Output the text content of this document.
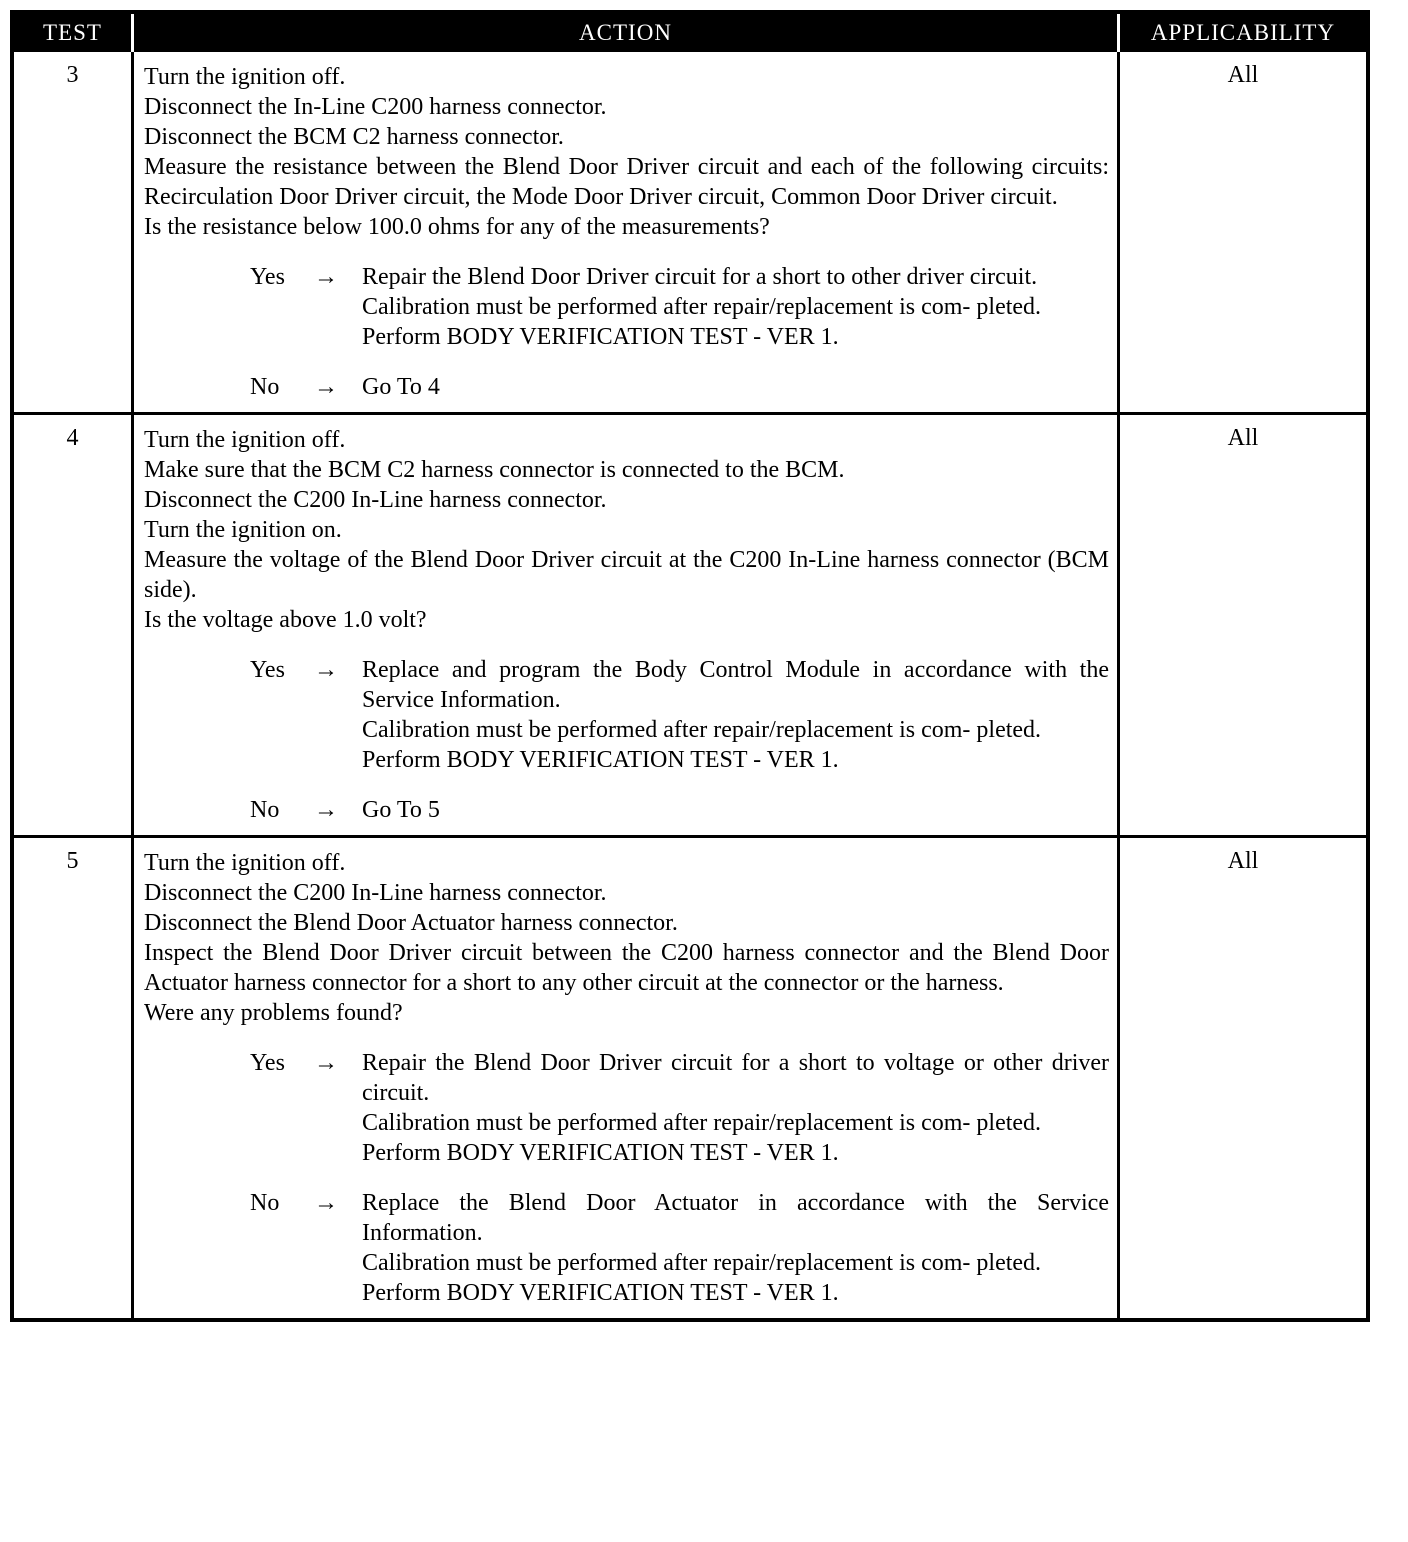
TEST	ACTION	APPLICABILITY
3	Turn the ignition off.
Disconnect the In-Line C200 harness connector.
Disconnect the BCM C2 harness connector.
Measure the resistance between the Blend Door Driver circuit and each of the following circuits: Recirculation Door Driver circuit, the Mode Door Driver circuit, Common Door Driver circuit.
Is the resistance below 100.0 ohms for any of the measurements?
Yes	→	Repair the Blend Door Driver circuit for a short to other driver circuit.
Calibration must be performed after repair/replacement is com- pleted.
Perform BODY VERIFICATION TEST - VER 1.
No	→	Go To 4
All
4	Turn the ignition off.
Make sure that the BCM C2 harness connector is connected to the BCM.
Disconnect the C200 In-Line harness connector.
Turn the ignition on.
Measure the voltage of the Blend Door Driver circuit at the C200 In-Line harness connector (BCM side).
Is the voltage above 1.0 volt?
Yes	→	Replace and program the Body Control Module in accordance with the Service Information.
Calibration must be performed after repair/replacement is com- pleted.
Perform BODY VERIFICATION TEST - VER 1.
No	→	Go To 5
All
5	Turn the ignition off.
Disconnect the C200 In-Line harness connector.
Disconnect the Blend Door Actuator harness connector.
Inspect the Blend Door Driver circuit between the C200 harness connector and the Blend Door Actuator harness connector for a short to any other circuit at the connector or the harness.
Were any problems found?
Yes	→	Repair the Blend Door Driver circuit for a short to voltage or other driver circuit.
Calibration must be performed after repair/replacement is com- pleted.
Perform BODY VERIFICATION TEST - VER 1.
No	→	Replace the Blend Door Actuator in accordance with the Service Information.
Calibration must be performed after repair/replacement is com- pleted.
Perform BODY VERIFICATION TEST - VER 1.
All
